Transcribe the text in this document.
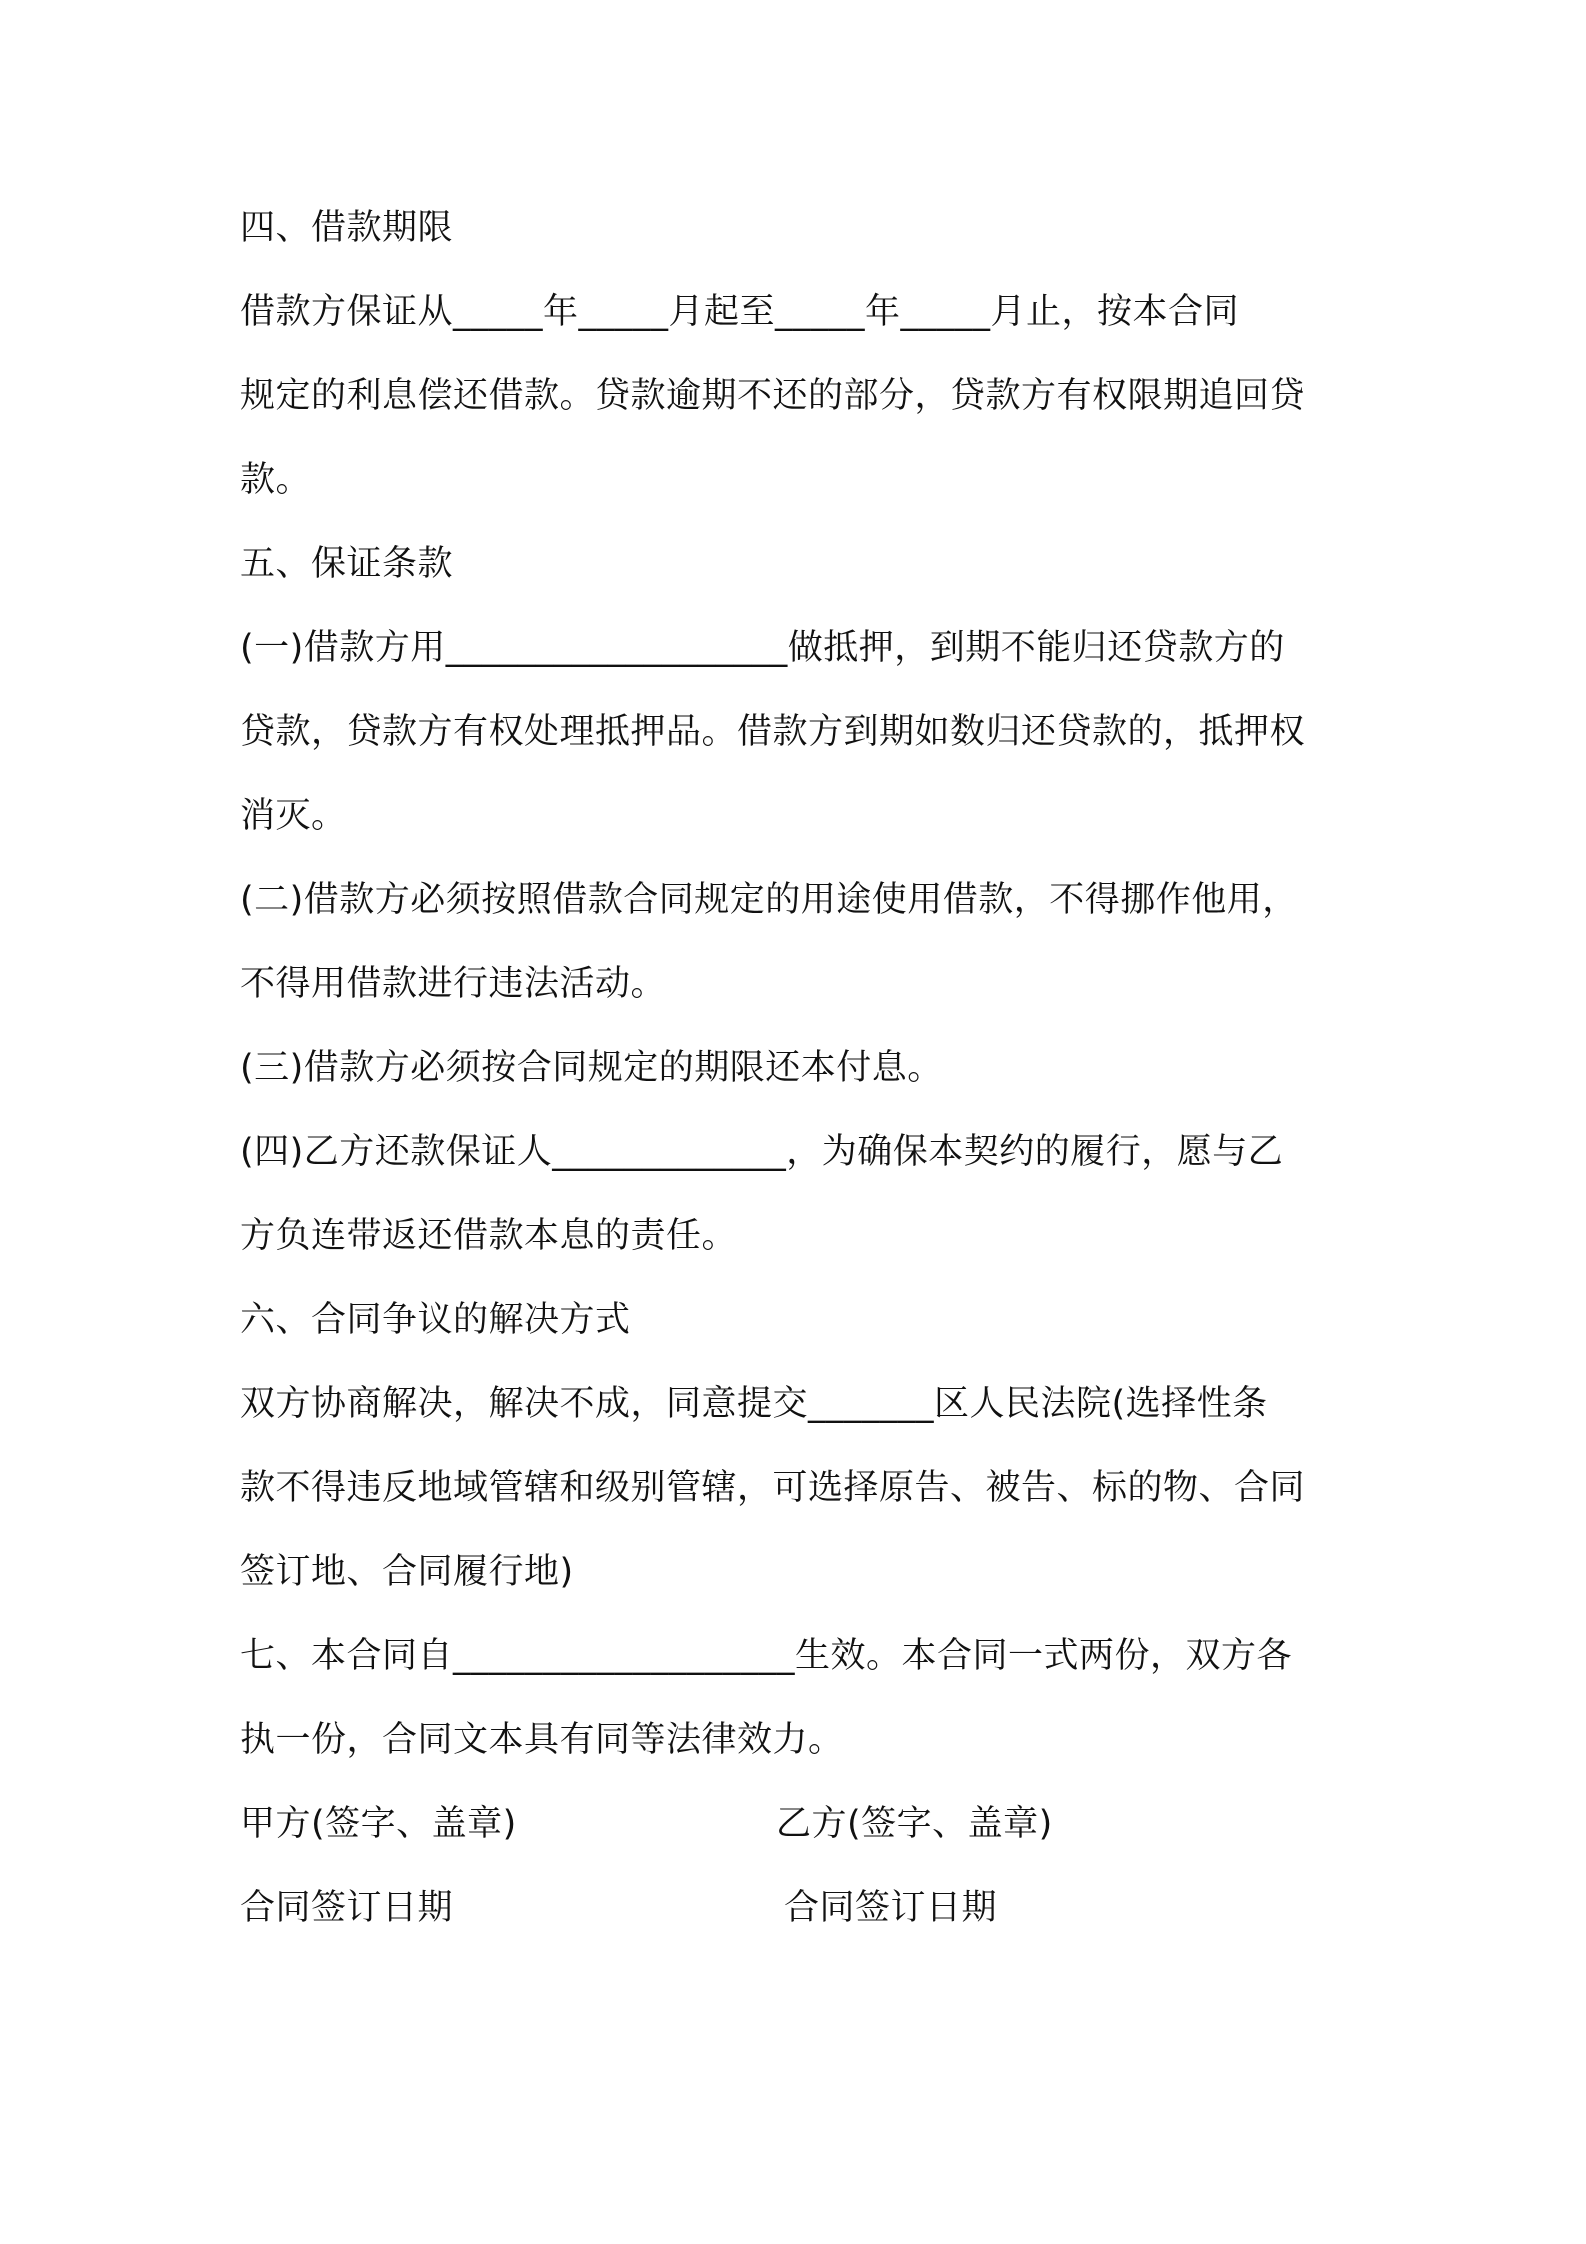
四、借款期限
借款方保证从_____年_____月起至_____年_____月止，按本合同
规定的利息偿还借款。贷款逾期不还的部分，贷款方有权限期追回贷
款。
五、保证条款
(一)借款方用___________________做抵押，到期不能归还贷款方的
贷款，贷款方有权处理抵押品。借款方到期如数归还贷款的，抵押权
消灭。
(二)借款方必须按照借款合同规定的用途使用借款，不得挪作他用，
不得用借款进行违法活动。
(三)借款方必须按合同规定的期限还本付息。
(四)乙方还款保证人_____________，为确保本契约的履行，愿与乙
方负连带返还借款本息的责任。
六、合同争议的解决方式
双方协商解决，解决不成，同意提交_______区人民法院(选择性条
款不得违反地域管辖和级别管辖，可选择原告、被告、标的物、合同
签订地、合同履行地)
七、本合同自___________________生效。本合同一式两份，双方各
执一份，合同文本具有同等法律效力。
甲方(签字、盖章)	乙方(签字、盖章)
合同签订日期	合同签订日期
